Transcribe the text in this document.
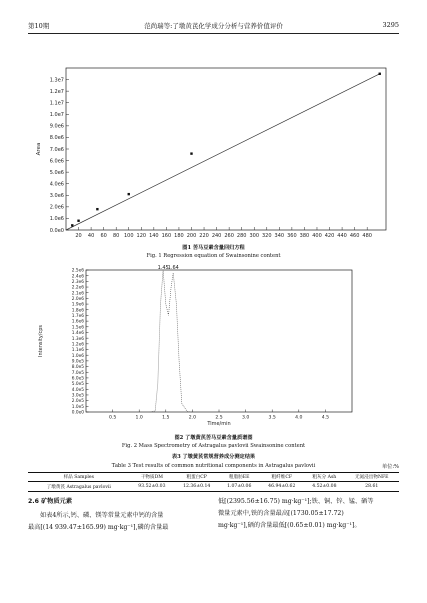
第10期	范尚瑞等:了墩黄芪化学成分分析与营养价值评价	3295
0.0e0
1.0e6
2.0e6
3.0e6
4.0e6
5.0e6
6.0e6
7.0e6
8.0e6
9.0e6
1.0e7
1.1e7
1.2e7
1.3e7
20 40 60 80 100 120 140 160 180 200 220 240 260 280 300 320 340 360 380 400 420 440 460 480
Area
图1 苦马豆素含量回归方程
Fig. 1 Regression equation of Swainsonine content
0.0e0
1.0e5
2.0e5
3.0e5
4.0e5
5.0e5
6.0e5
7.0e5
8.0e5
9.0e5
1.0e6
1.1e6
1.2e6
1.3e6
1.4e6
1.5e6
1.6e6
1.7e6
1.8e6
1.9e6
2.0e6
2.1e6
2.2e6
2.3e6
2.4e6
2.5e6
0.5	1.0	1.5	2.0	2.5	3.0	3.5	4.0	4.5
Time/min
Intensity/cps
1.45
1.64
图2 了墩黄芪苦马豆素含量质谱图
Fig. 2 Mass Spectrometry of Astragalus pavlovii Swainsonine content
表3 了墩黄芪常规营养成分测定结果
Table 3 Test results of common nutritional components in Astragalus pavlovii	单位:%
样品 Samples	干物质DM	粗蛋白CP	粗脂肪EE	粗纤维CF	粗灰分 Ash	无氮浸出物NFE
了墩黄芪 Astragalus pavlovii	93.52±0.03	12.36±0.14	1.07±0.06	46.94±0.62	4.52±0.08	28.61
2.6 矿物质元素
如表4所示,钙、磷、镁等常量元素中钙的含量
最高[(14 939.47±165.99) mg·kg⁻¹],磷的含量最
低[(2395.56±16.75) mg·kg⁻¹];铁、铜、锌、锰、硒等
微量元素中,铁的含量最高[(1730.05±17.72)
mg·kg⁻¹],硒的含量最低[(0.65±0.01) mg·kg⁻¹]。
